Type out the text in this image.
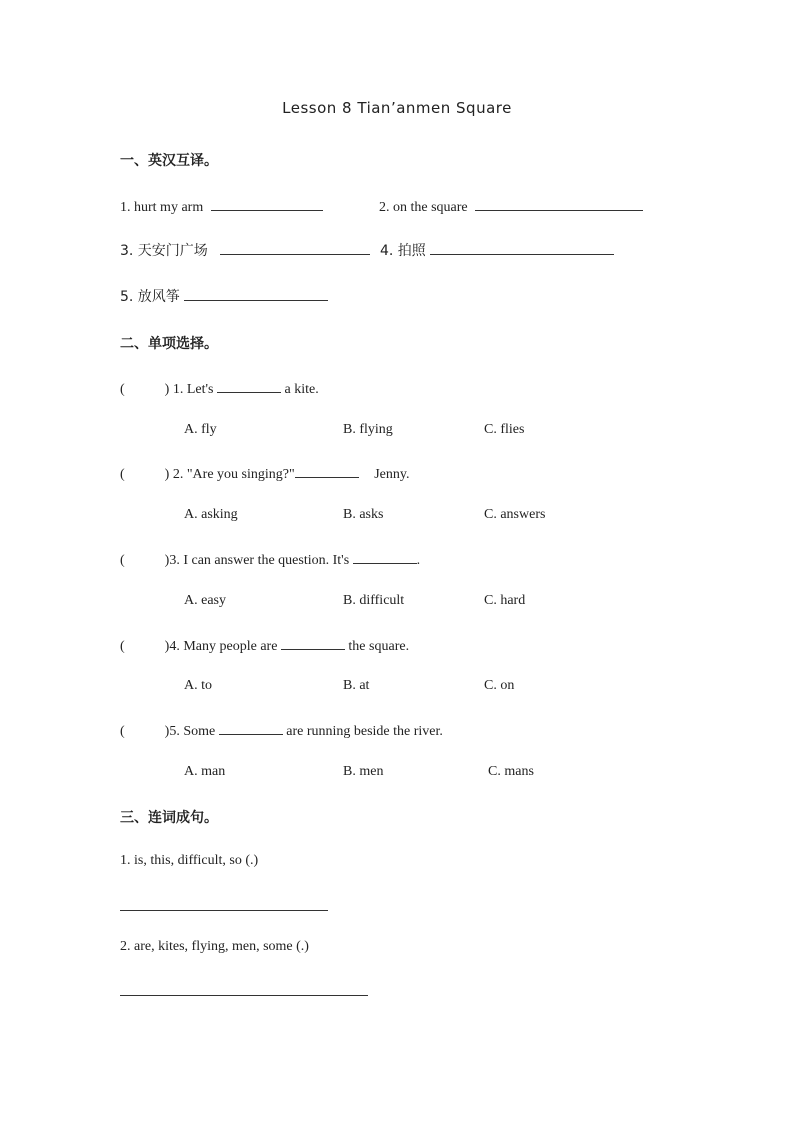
Lesson 8 Tian’anmen Square
一、英汉互译。
1. hurt my arm	2. on the square
3. 天安门广场	4. 拍照
5. 放风筝
二、单项选择。
(	) 1. Let's	a kite.
A. fly	B. flying	C. flies
(	) 2. "Are you singing?"	Jenny.
A. asking	B. asks	C. answers
(	)3. I can answer the question. It's	.
A. easy	B. difficult	C. hard
(	)4. Many people are	the square.
A. to	B. at	C. on
(	)5. Some	are running beside the river.
A. man	B. men	C. mans
三、连词成句。
1. is, this, difficult, so (.)
2. are, kites, flying, men, some (.)
